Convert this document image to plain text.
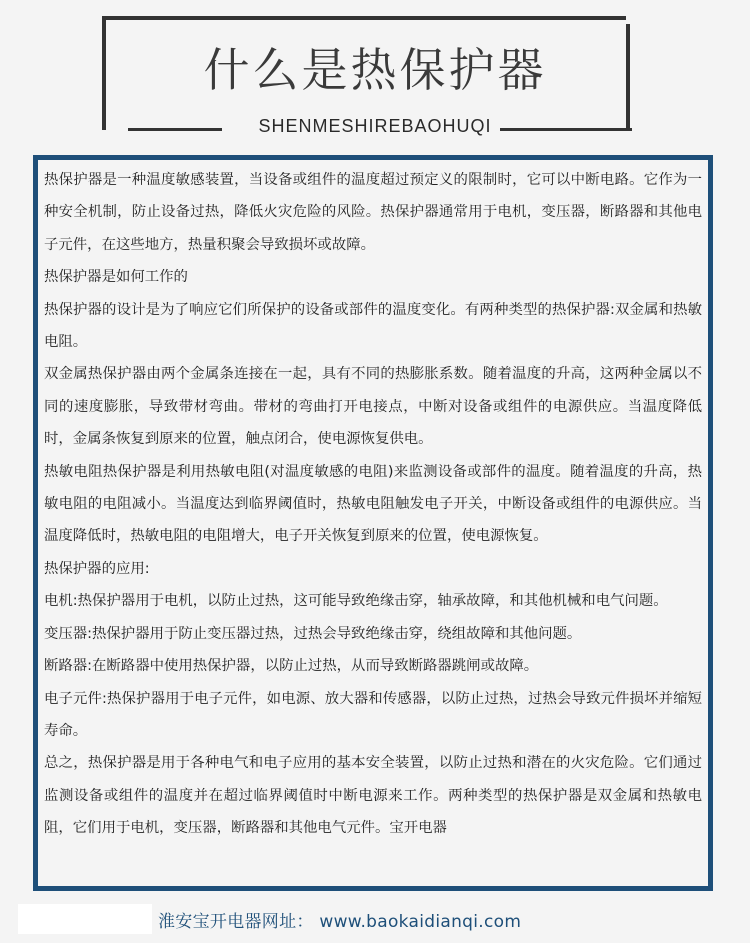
什么是热保护器
SHENMESHIREBAOHUQI

热保护器是一种温度敏感装置，当设备或组件的温度超过预定义的限制时，它可以中断电路。它作为一种安全机制，防止设备过热，降低火灾危险的风险。热保护器通常用于电机，变压器，断路器和其他电子元件，在这些地方，热量积聚会导致损坏或故障。

热保护器是如何工作的

热保护器的设计是为了响应它们所保护的设备或部件的温度变化。有两种类型的热保护器:双金属和热敏电阻。

双金属热保护器由两个金属条连接在一起，具有不同的热膨胀系数。随着温度的升高，这两种金属以不同的速度膨胀，导致带材弯曲。带材的弯曲打开电接点，中断对设备或组件的电源供应。当温度降低时，金属条恢复到原来的位置，触点闭合，使电源恢复供电。

热敏电阻热保护器是利用热敏电阻(对温度敏感的电阻)来监测设备或部件的温度。随着温度的升高，热敏电阻的电阻减小。当温度达到临界阈值时，热敏电阻触发电子开关，中断设备或组件的电源供应。当温度降低时，热敏电阻的电阻增大，电子开关恢复到原来的位置，使电源恢复。

热保护器的应用:

电机:热保护器用于电机，以防止过热，这可能导致绝缘击穿，轴承故障，和其他机械和电气问题。

变压器:热保护器用于防止变压器过热，过热会导致绝缘击穿，绕组故障和其他问题。

断路器:在断路器中使用热保护器，以防止过热，从而导致断路器跳闸或故障。

电子元件:热保护器用于电子元件，如电源、放大器和传感器，以防止过热，过热会导致元件损坏并缩短寿命。

总之，热保护器是用于各种电气和电子应用的基本安全装置，以防止过热和潜在的火灾危险。它们通过监测设备或组件的温度并在超过临界阈值时中断电源来工作。两种类型的热保护器是双金属和热敏电阻，它们用于电机，变压器，断路器和其他电气元件。宝开电器

淮安宝开电器网址： www.baokaidianqi.com
